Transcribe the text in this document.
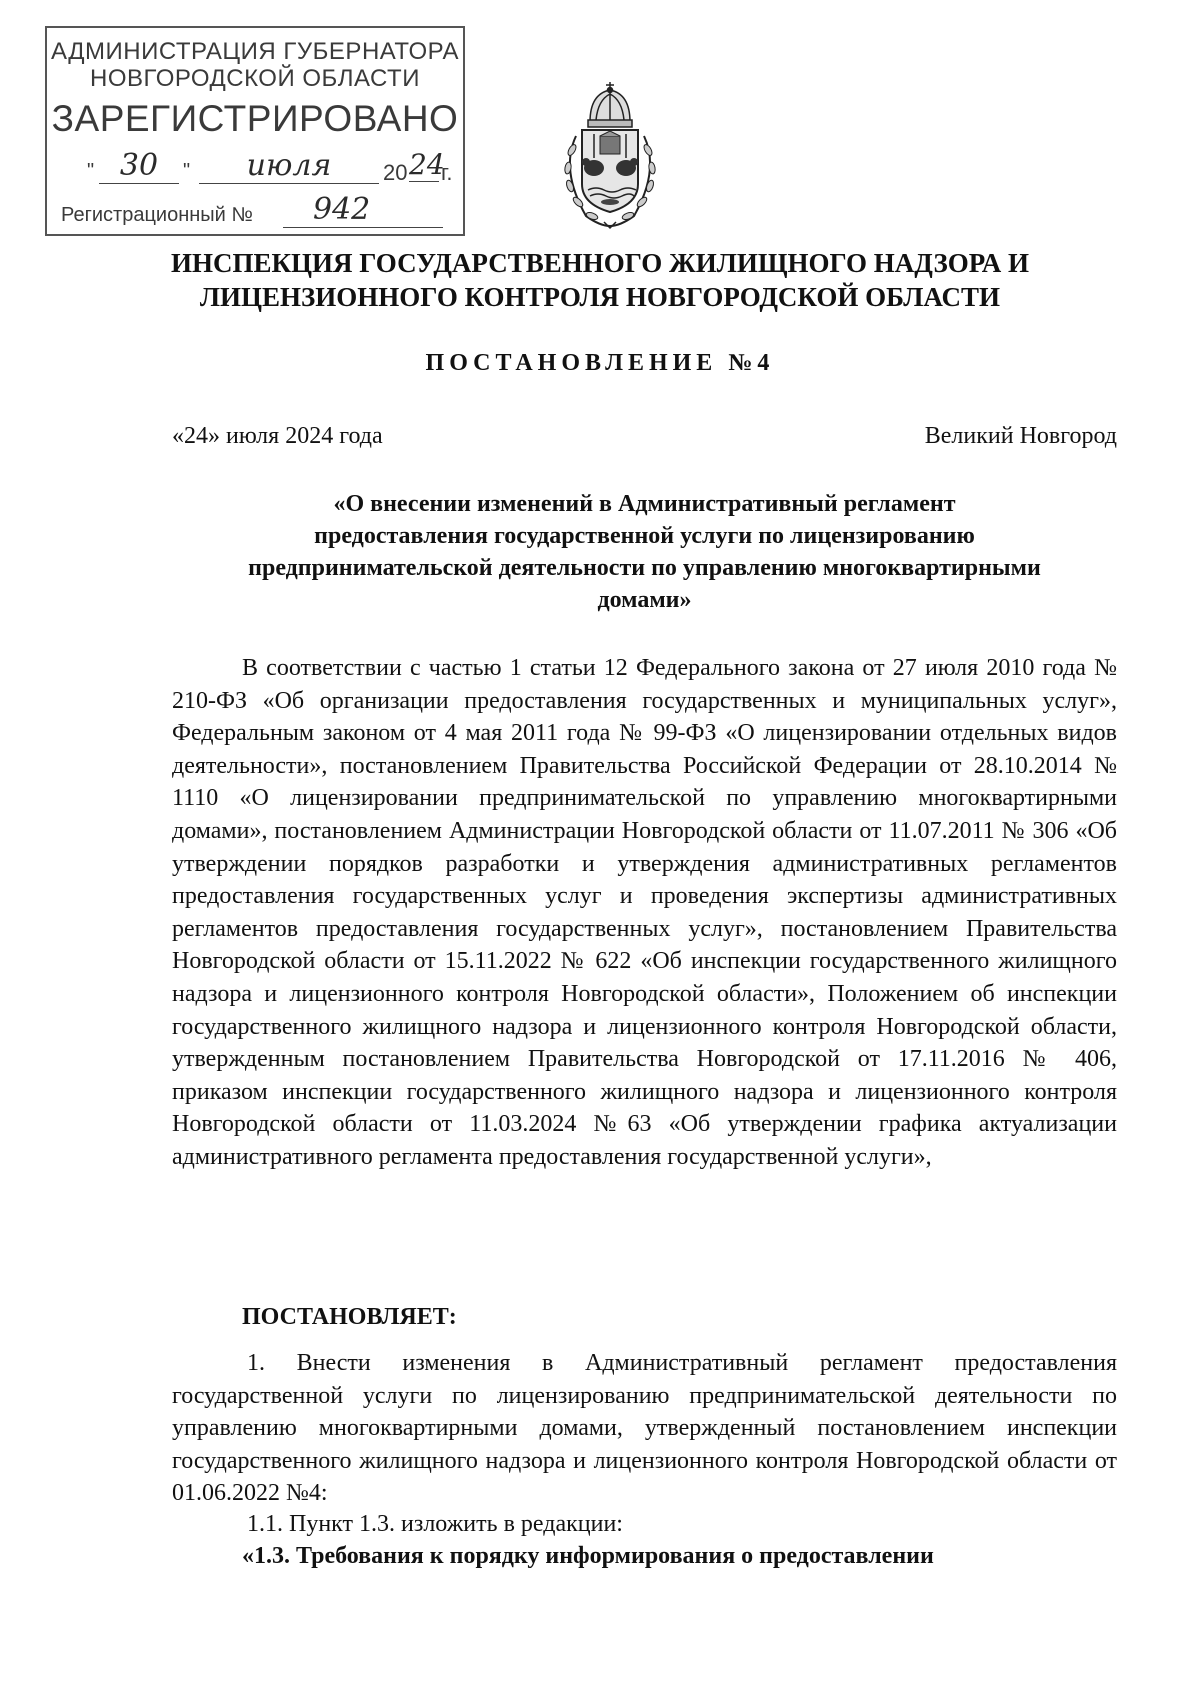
АДМИНИСТРАЦИЯ ГУБЕРНАТОРА
НОВГОРОДСКОЙ ОБЛАСТИ
ЗАРЕГИСТРИРОВАНО
" 30	"	июля	20 24
г.
Регистрационный №	942
ИНСПЕКЦИЯ ГОСУДАРСТВЕННОГО ЖИЛИЩНОГО НАДЗОРА И
ЛИЦЕНЗИОННОГО КОНТРОЛЯ НОВГОРОДСКОЙ ОБЛАСТИ
ПОСТАНОВЛЕНИЕ №4
«24» июля 2024 года	Великий Новгород
«О внесении изменений в Административный регламент
предоставления государственной услуги по лицензированию
предпринимательской деятельности по управлению многоквартирными
домами»
В соответствии с частью 1 статьи 12 Федерального закона от 27 июля 2010 года № 210-ФЗ «Об организации предоставления государственных и муниципальных услуг», Федеральным законом от 4 мая 2011 года № 99-ФЗ «О лицензировании отдельных видов деятельности», постановлением Правительства Российской Федерации от 28.10.2014 № 1110 «О лицензировании предпринимательской по управлению многоквартирными домами», постановлением Администрации Новгородской области от 11.07.2011 № 306 «Об утверждении порядков разработки и утверждения административных регламентов предоставления государственных услуг и проведения экспертизы административных регламентов предоставления государственных услуг», постановлением Правительства Новгородской области от 15.11.2022 № 622 «Об инспекции государственного жилищного надзора и лицензионного контроля Новгородской области», Положением об инспекции государственного жилищного надзора и лицензионного контроля Новгородской области, утвержденным постановлением Правительства Новгородской от 17.11.2016 № 406, приказом инспекции государственного жилищного надзора и лицензионного контроля Новгородской области от 11.03.2024 №63 «Об утверждении графика актуализации административного регламента предоставления государственной услуги»,
ПОСТАНОВЛЯЕТ:
1. Внести изменения в Административный регламент предоставления государственной услуги по лицензированию предпринимательской деятельности по управлению многоквартирными домами, утвержденный постановлением инспекции государственного жилищного надзора и лицензионного контроля Новгородской области от 01.06.2022 №4:
1.1. Пункт 1.3. изложить в редакции:
«1.3. Требования к порядку информирования о предоставлении
